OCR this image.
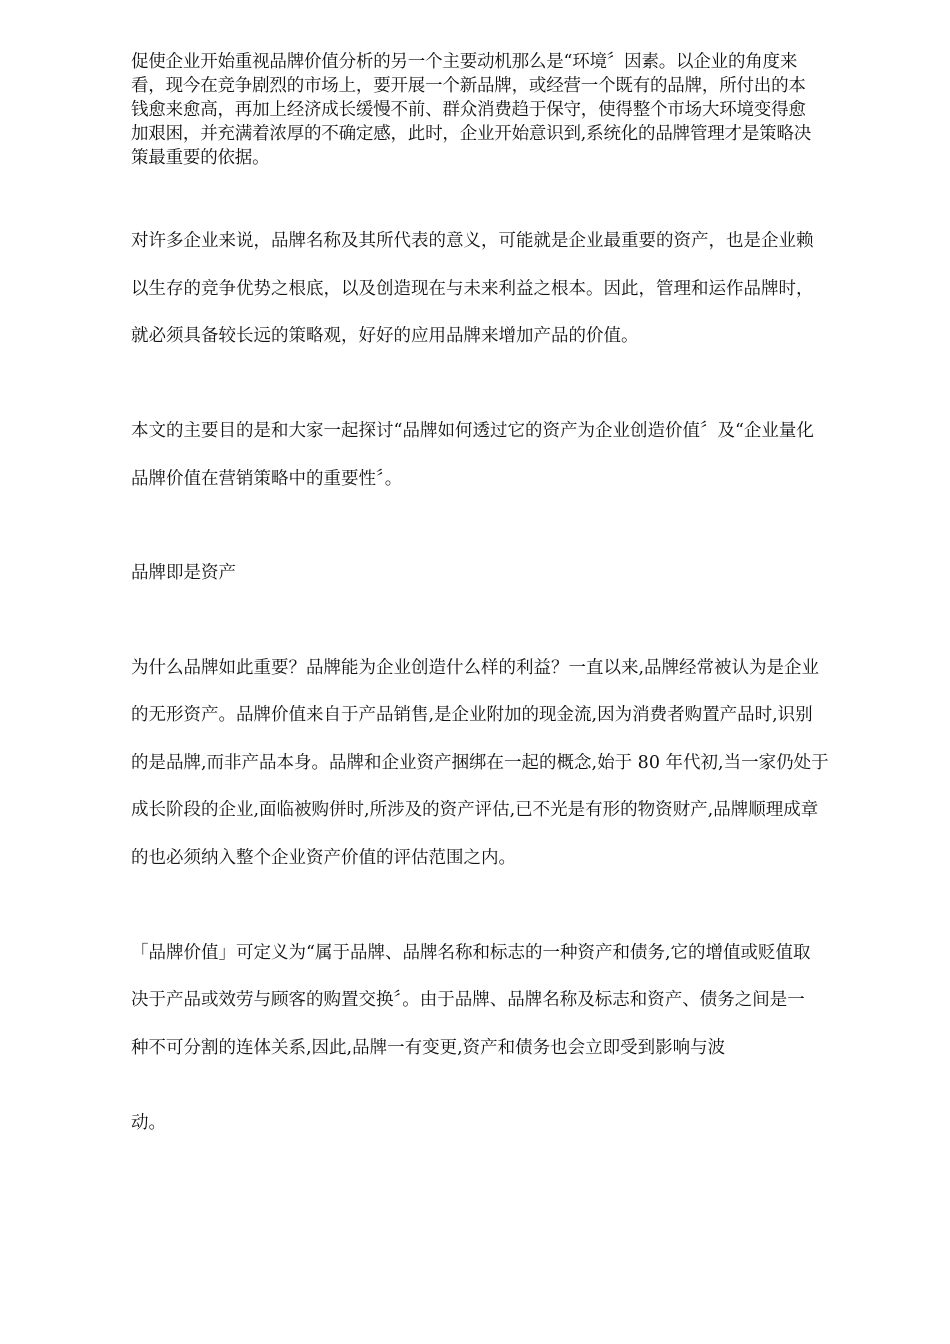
促使企业开始重视品牌价值分析的另一个主要动机那么是“环境〞因素。以企业的角度来
看，现今在竞争剧烈的市场上，要开展一个新品牌，或经营一个既有的品牌，所付出的本
钱愈来愈高，再加上经济成长缓慢不前、群众消费趋于保守，使得整个市场大环境变得愈
加艰困，并充满着浓厚的不确定感，此时，企业开始意识到,系统化的品牌管理才是策略决
策最重要的依据。
对许多企业来说，品牌名称及其所代表的意义，可能就是企业最重要的资产，也是企业赖
以生存的竞争优势之根底，以及创造现在与未来利益之根本。因此，管理和运作品牌时，
就必须具备较长远的策略观，好好的应用品牌来增加产品的价值。
本文的主要目的是和大家一起探讨“品牌如何透过它的资产为企业创造价值〞及“企业量化
品牌价值在营销策略中的重要性〞。
品牌即是资产
为什么品牌如此重要？品牌能为企业创造什么样的利益？一直以来,品牌经常被认为是企业
的无形资产。品牌价值来自于产品销售,是企业附加的现金流,因为消费者购置产品时,识别
的是品牌,而非产品本身。品牌和企业资产捆绑在一起的概念,始于 80 年代初,当一家仍处于
成长阶段的企业,面临被购併时,所涉及的资产评估,已不光是有形的物资财产,品牌顺理成章
的也必须纳入整个企业资产价值的评估范围之内。
「品牌价值」可定义为“属于品牌、品牌名称和标志的一种资产和债务,它的增值或贬值取
决于产品或效劳与顾客的购置交换〞。由于品牌、品牌名称及标志和资产、债务之间是一
种不可分割的连体关系,因此,品牌一有变更,资产和债务也会立即受到影响与波
动。
